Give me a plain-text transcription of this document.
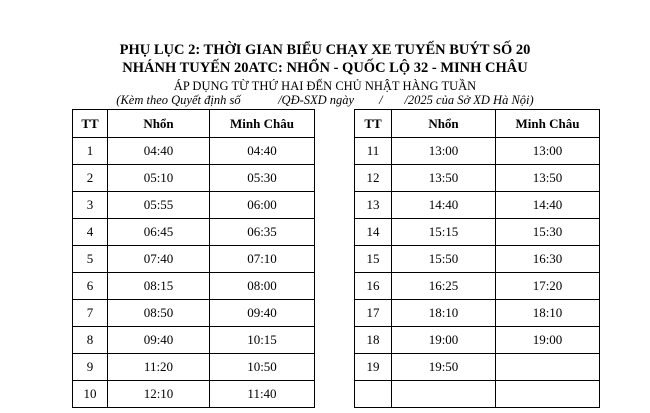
PHỤ LỤC 2: THỜI GIAN BIỂU CHẠY XE TUYẾN BUÝT SỐ 20
NHÁNH TUYẾN 20ATC: NHỔN - QUỐC LỘ 32 - MINH CHÂU
ÁP DỤNG TỪ THỨ HAI ĐẾN CHỦ NHẬT HÀNG TUẦN
(Kèm theo Quyết định số            /QĐ-SXD ngày        /       /2025 của Sở XD Hà Nội)
TT	Nhổn	Minh Châu
1	04:40	04:40
2	05:10	05:30
3	05:55	06:00
4	06:45	06:35
5	07:40	07:10
6	08:15	08:00
7	08:50	09:40
8	09:40	10:15
9	11:20	10:50
10	12:10	11:40
TT	Nhổn	Minh Châu
11	13:00	13:00
12	13:50	13:50
13	14:40	14:40
14	15:15	15:30
15	15:50	16:30
16	16:25	17:20
17	18:10	18:10
18	19:00	19:00
19	19:50	
